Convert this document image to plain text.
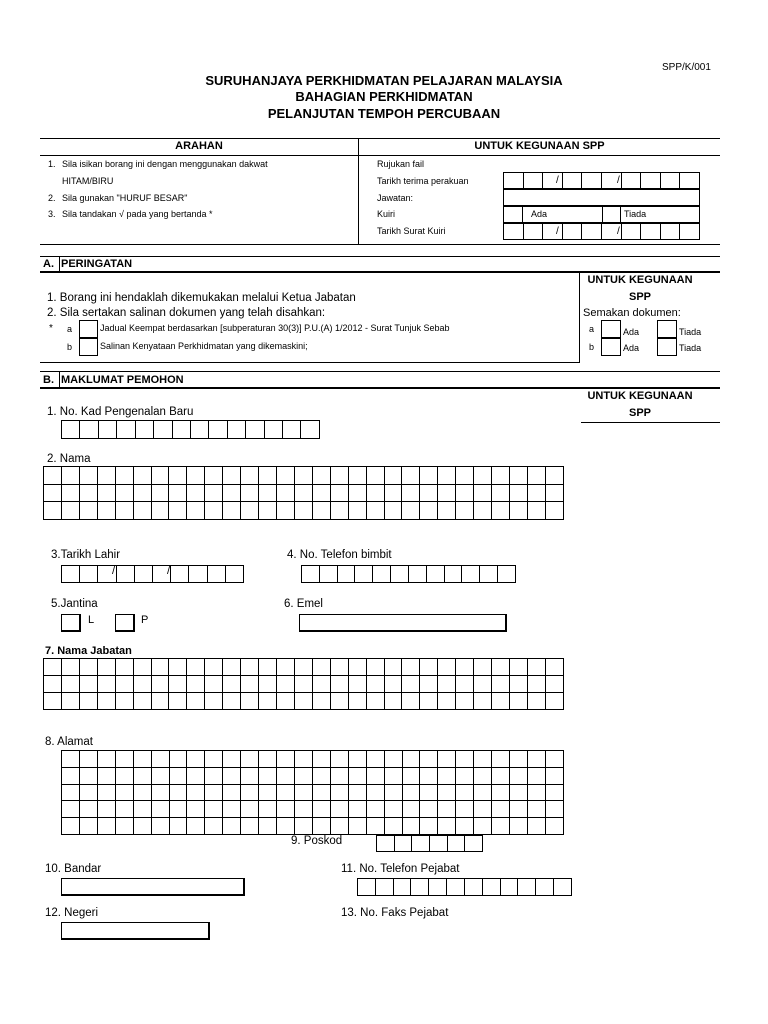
SPP/K/001
SURUHANJAYA PERKHIDMATAN PELAJARAN MALAYSIA
BAHAGIAN PERKHIDMATAN
PELANJUTAN TEMPOH PERCUBAAN
ARAHAN	UNTUK KEGUNAAN SPP
1. Sila isikan borang ini dengan menggunakan dakwat
HITAM/BIRU
2. Sila gunakan "HURUF BESAR"
3. Sila tandakan √ pada yang bertanda *
Rujukan fail
Tarikh terima perakuan	/	/
Jawatan:
Kuiri	Ada	Tiada
Tarikh Surat Kuiri	/	/
A. PERINGATAN
UNTUK KEGUNAAN
SPP
Semakan dokumen:
1. Borang ini hendaklah dikemukakan melalui Ketua Jabatan
2. Sila sertakan salinan dokumen yang telah disahkan:
* a	Jadual Keempat berdasarkan [subperaturan 30(3)] P.U.(A) 1/2012 - Surat Tunjuk Sebab
b	Salinan Kenyataan Perkhidmatan yang dikemaskini;
a	Ada	Tiada
b	Ada	Tiada
B. MAKLUMAT PEMOHON
UNTUK KEGUNAAN
SPP
1. No. Kad Pengenalan Baru
2. Nama

3.Tarikh Lahir
/	/
4. No. Telefon bimbit
5.Jantina
L	P
6. Emel
7. Nama Jabatan

8. Alamat

9. Poskod
10. Bandar	11. No. Telefon Pejabat
12. Negeri	13. No. Faks Pejabat
